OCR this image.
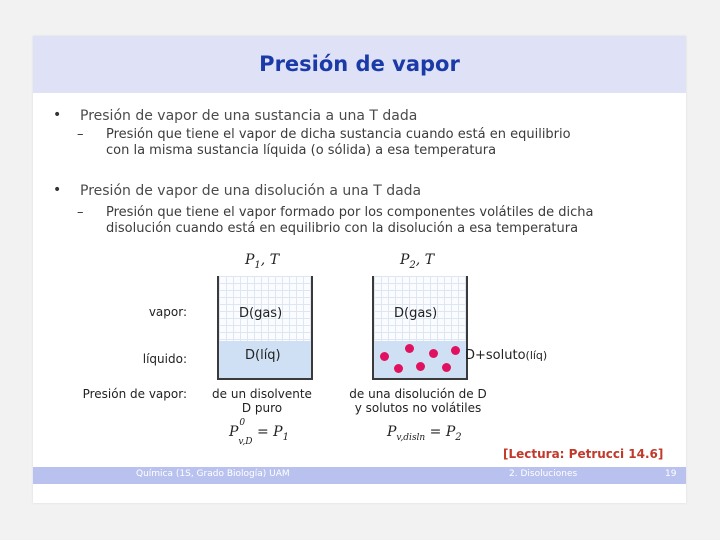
Presión de vapor
• Presión de vapor de una sustancia a una T dada
– Presión que tiene el vapor de dicha sustancia cuando está en equilibrio
con la misma sustancia líquida (o sólida) a esa temperatura
• Presión de vapor de una disolución a una T dada
– Presión que tiene el vapor formado por los componentes volátiles de dicha
disolución cuando está en equilibrio con la disolución a esa temperatura
vapor:
líquido:
Presión de vapor:
$P_1$, T
D(gas)
D(líq)
de un disolvente
D puro
P
0
$_{v,D} = P_1$
$P_2$, T
D(gas)
D+soluto(líq)
de una disolución de D
y solutos no volátiles
$P_{v,disln} = P_2$
[Lectura: Petrucci 14.6]
Química (1S, Grado Biología) UAM	2. Disoluciones	19
